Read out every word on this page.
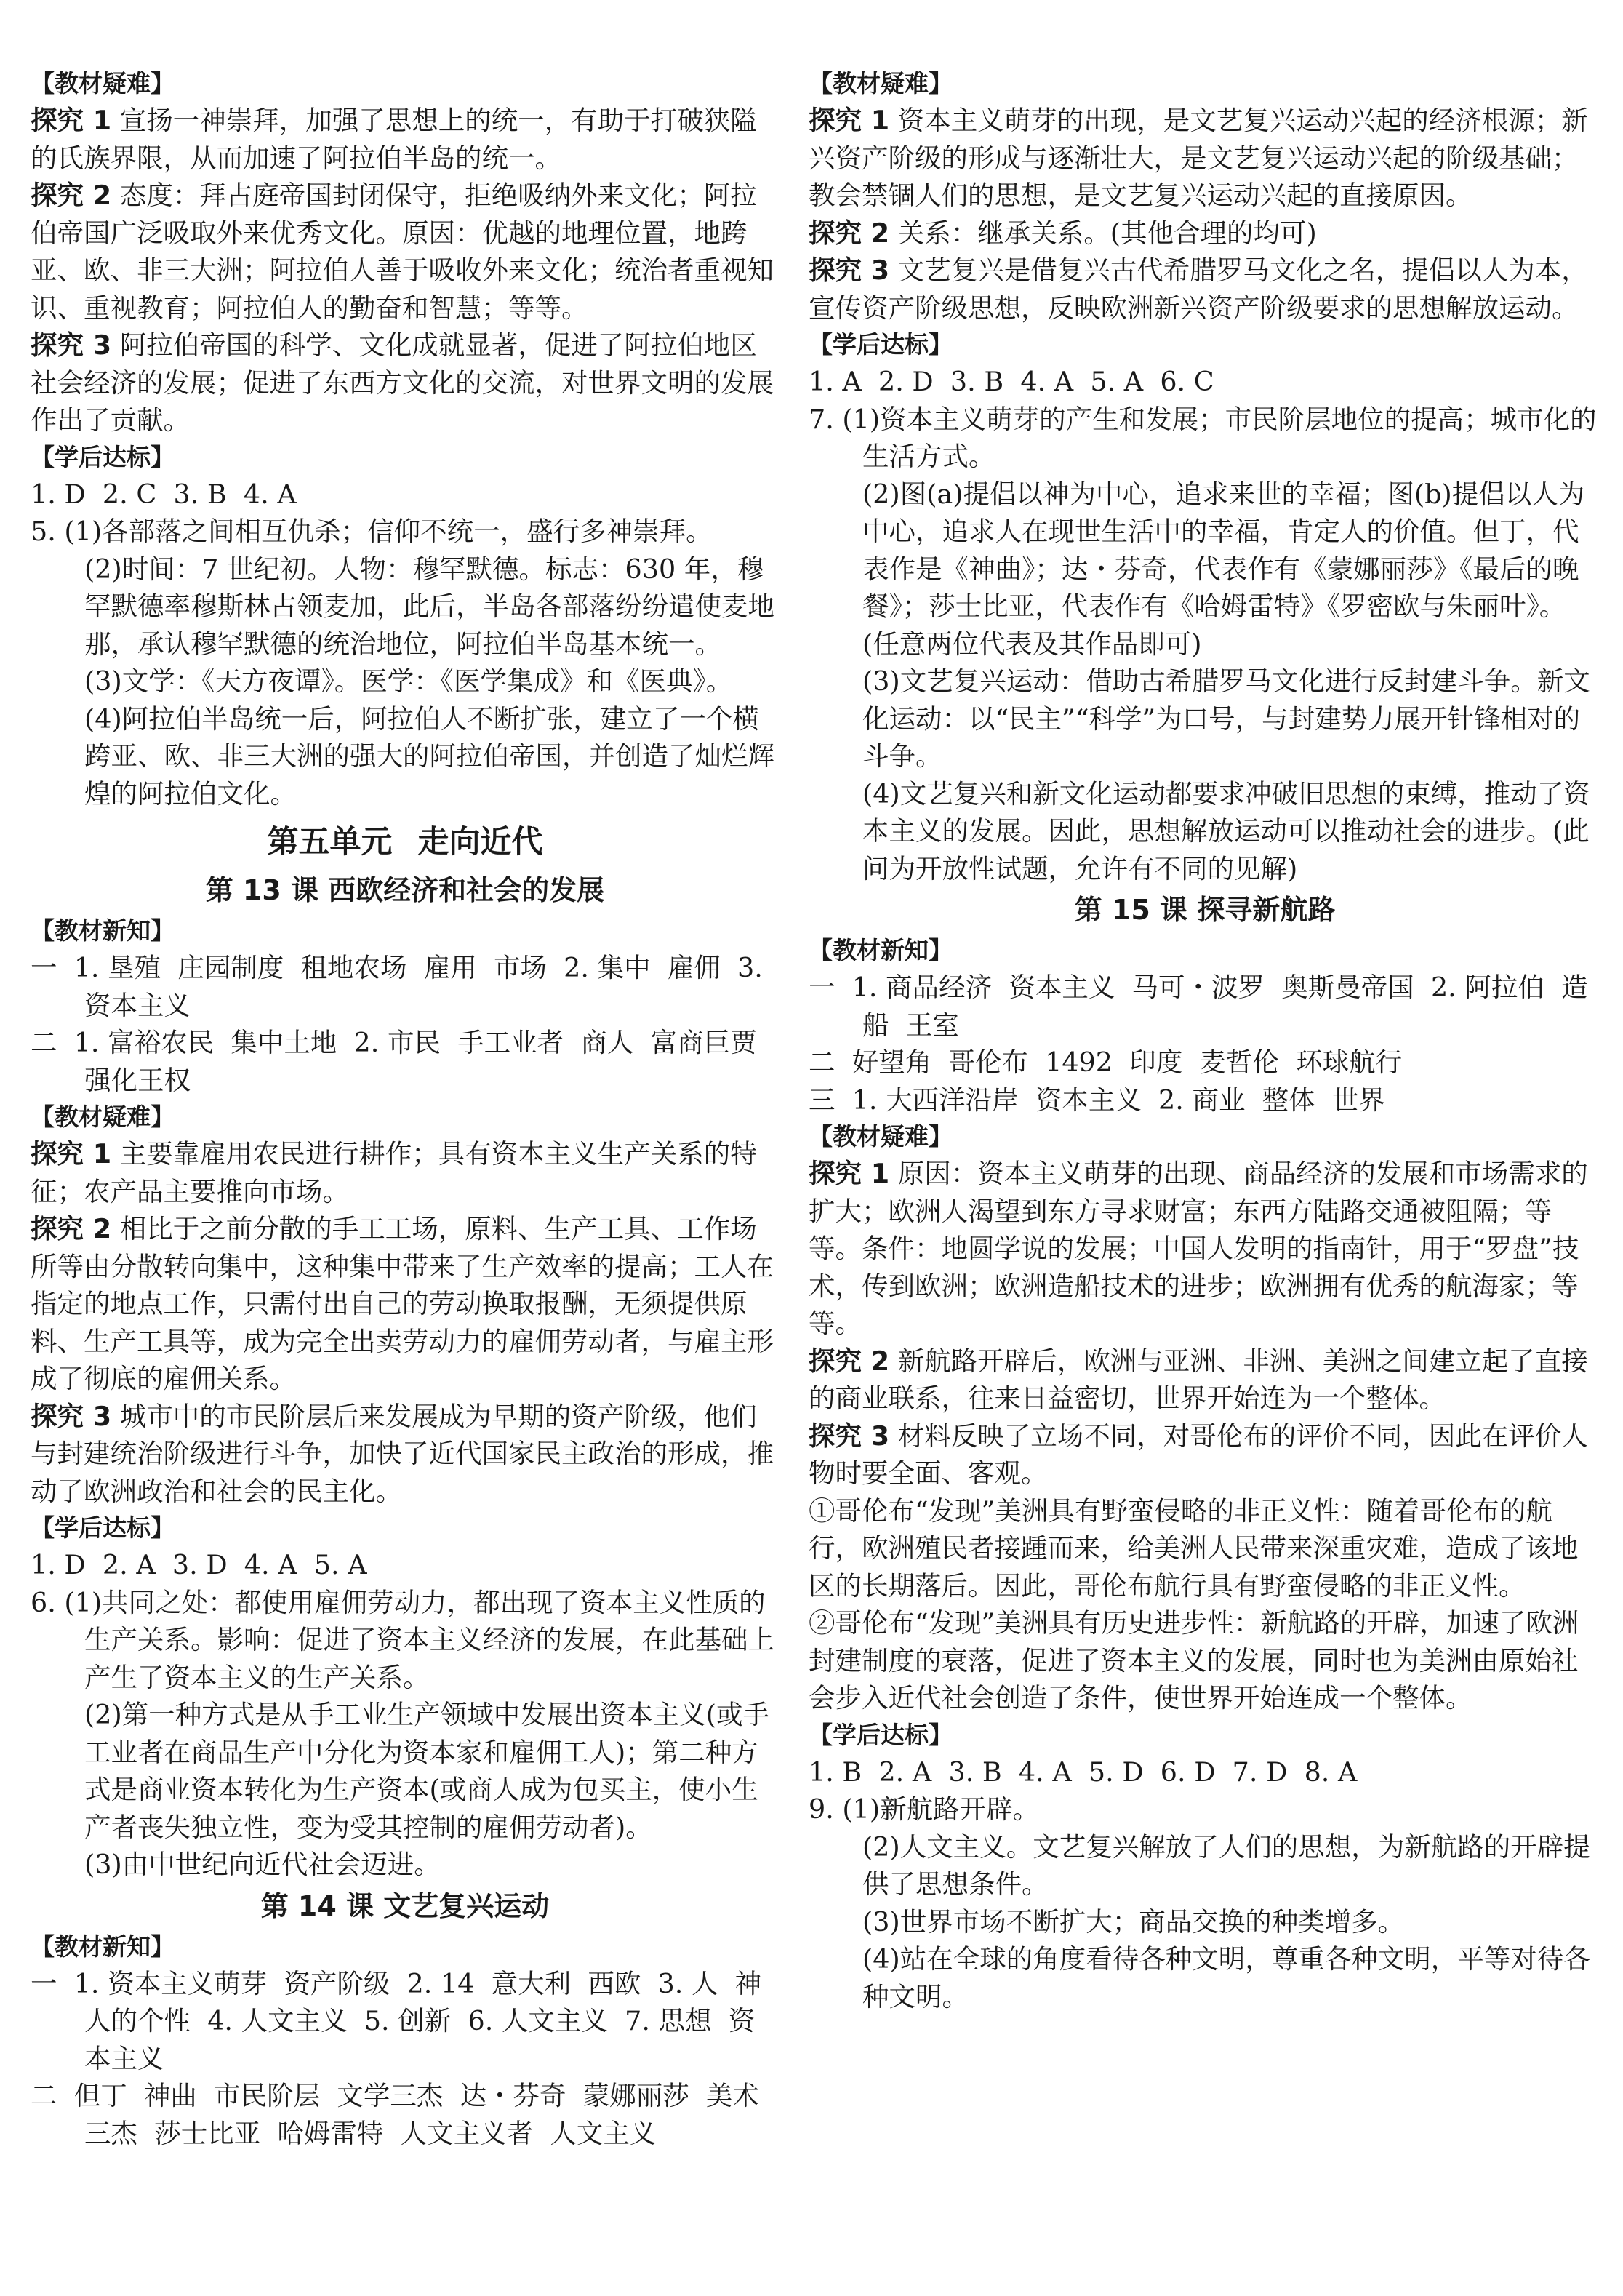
【教材疑难】

探究 1 宣扬一神崇拜，加强了思想上的统一，有助于打破狭隘的氏族界限，从而加速了阿拉伯半岛的统一。

探究 2 态度：拜占庭帝国封闭保守，拒绝吸纳外来文化；阿拉伯帝国广泛吸取外来优秀文化。原因：优越的地理位置，地跨亚、欧、非三大洲；阿拉伯人善于吸收外来文化；统治者重视知识、重视教育；阿拉伯人的勤奋和智慧；等等。

探究 3 阿拉伯帝国的科学、文化成就显著，促进了阿拉伯地区社会经济的发展；促进了东西方文化的交流，对世界文明的发展作出了贡献。

【学后达标】

1. D  2. C  3. B  4. A

5. (1)各部落之间相互仇杀；信仰不统一，盛行多神崇拜。

(2)时间：7 世纪初。人物：穆罕默德。标志：630 年，穆罕默德率穆斯林占领麦加，此后，半岛各部落纷纷遣使麦地那，承认穆罕默德的统治地位，阿拉伯半岛基本统一。

(3)文学：《天方夜谭》。医学：《医学集成》和《医典》。

(4)阿拉伯半岛统一后，阿拉伯人不断扩张，建立了一个横跨亚、欧、非三大洲的强大的阿拉伯帝国，并创造了灿烂辉煌的阿拉伯文化。

第五单元 走向近代

第 13 课 西欧经济和社会的发展

【教材新知】

一  1. 垦殖  庄园制度  租地农场  雇用  市场  2. 集中  雇佣  3. 资本主义

二  1. 富裕农民  集中土地  2. 市民  手工业者  商人  富商巨贾  强化王权

【教材疑难】

探究 1 主要靠雇用农民进行耕作；具有资本主义生产关系的特征；农产品主要推向市场。

探究 2 相比于之前分散的手工工场，原料、生产工具、工作场所等由分散转向集中，这种集中带来了生产效率的提高；工人在指定的地点工作，只需付出自己的劳动换取报酬，无须提供原料、生产工具等，成为完全出卖劳动力的雇佣劳动者，与雇主形成了彻底的雇佣关系。

探究 3 城市中的市民阶层后来发展成为早期的资产阶级，他们与封建统治阶级进行斗争，加快了近代国家民主政治的形成，推动了欧洲政治和社会的民主化。

【学后达标】

1. D  2. A  3. D  4. A  5. A

6. (1)共同之处：都使用雇佣劳动力，都出现了资本主义性质的生产关系。影响：促进了资本主义经济的发展，在此基础上产生了资本主义的生产关系。

(2)第一种方式是从手工业生产领域中发展出资本主义(或手工业者在商品生产中分化为资本家和雇佣工人)；第二种方式是商业资本转化为生产资本(或商人成为包买主，使小生产者丧失独立性，变为受其控制的雇佣劳动者)。

(3)由中世纪向近代社会迈进。

第 14 课 文艺复兴运动

【教材新知】

一  1. 资本主义萌芽  资产阶级  2. 14  意大利  西欧  3. 人  神  人的个性  4. 人文主义  5. 创新  6. 人文主义  7. 思想  资本主义

二  但丁  神曲  市民阶层  文学三杰  达・芬奇  蒙娜丽莎  美术三杰  莎士比亚  哈姆雷特  人文主义者  人文主义

【教材疑难】

探究 1 资本主义萌芽的出现，是文艺复兴运动兴起的经济根源；新兴资产阶级的形成与逐渐壮大，是文艺复兴运动兴起的阶级基础；教会禁锢人们的思想，是文艺复兴运动兴起的直接原因。

探究 2 关系：继承关系。(其他合理的均可)

探究 3 文艺复兴是借复兴古代希腊罗马文化之名，提倡以人为本，宣传资产阶级思想，反映欧洲新兴资产阶级要求的思想解放运动。

【学后达标】

1. A  2. D  3. B  4. A  5. A  6. C

7. (1)资本主义萌芽的产生和发展；市民阶层地位的提高；城市化的生活方式。

(2)图(a)提倡以神为中心，追求来世的幸福；图(b)提倡以人为中心，追求人在现世生活中的幸福，肯定人的价值。但丁，代表作是《神曲》；达・芬奇，代表作有《蒙娜丽莎》《最后的晚餐》；莎士比亚，代表作有《哈姆雷特》《罗密欧与朱丽叶》。(任意两位代表及其作品即可)

(3)文艺复兴运动：借助古希腊罗马文化进行反封建斗争。新文化运动：以“民主”“科学”为口号，与封建势力展开针锋相对的斗争。

(4)文艺复兴和新文化运动都要求冲破旧思想的束缚，推动了资本主义的发展。因此，思想解放运动可以推动社会的进步。(此问为开放性试题，允许有不同的见解)

第 15 课 探寻新航路

【教材新知】

一  1. 商品经济  资本主义  马可・波罗  奥斯曼帝国  2. 阿拉伯  造船  王室

二  好望角  哥伦布  1492  印度  麦哲伦  环球航行

三  1. 大西洋沿岸  资本主义  2. 商业  整体  世界

【教材疑难】

探究 1 原因：资本主义萌芽的出现、商品经济的发展和市场需求的扩大；欧洲人渴望到东方寻求财富；东西方陆路交通被阻隔；等等。条件：地圆学说的发展；中国人发明的指南针，用于“罗盘”技术，传到欧洲；欧洲造船技术的进步；欧洲拥有优秀的航海家；等等。

探究 2 新航路开辟后，欧洲与亚洲、非洲、美洲之间建立起了直接的商业联系，往来日益密切，世界开始连为一个整体。

探究 3 材料反映了立场不同，对哥伦布的评价不同，因此在评价人物时要全面、客观。

①哥伦布“发现”美洲具有野蛮侵略的非正义性：随着哥伦布的航行，欧洲殖民者接踵而来，给美洲人民带来深重灾难，造成了该地区的长期落后。因此，哥伦布航行具有野蛮侵略的非正义性。

②哥伦布“发现”美洲具有历史进步性：新航路的开辟，加速了欧洲封建制度的衰落，促进了资本主义的发展，同时也为美洲由原始社会步入近代社会创造了条件，使世界开始连成一个整体。

【学后达标】

1. B  2. A  3. B  4. A  5. D  6. D  7. D  8. A

9. (1)新航路开辟。

(2)人文主义。文艺复兴解放了人们的思想，为新航路的开辟提供了思想条件。

(3)世界市场不断扩大；商品交换的种类增多。

(4)站在全球的角度看待各种文明，尊重各种文明，平等对待各种文明。
